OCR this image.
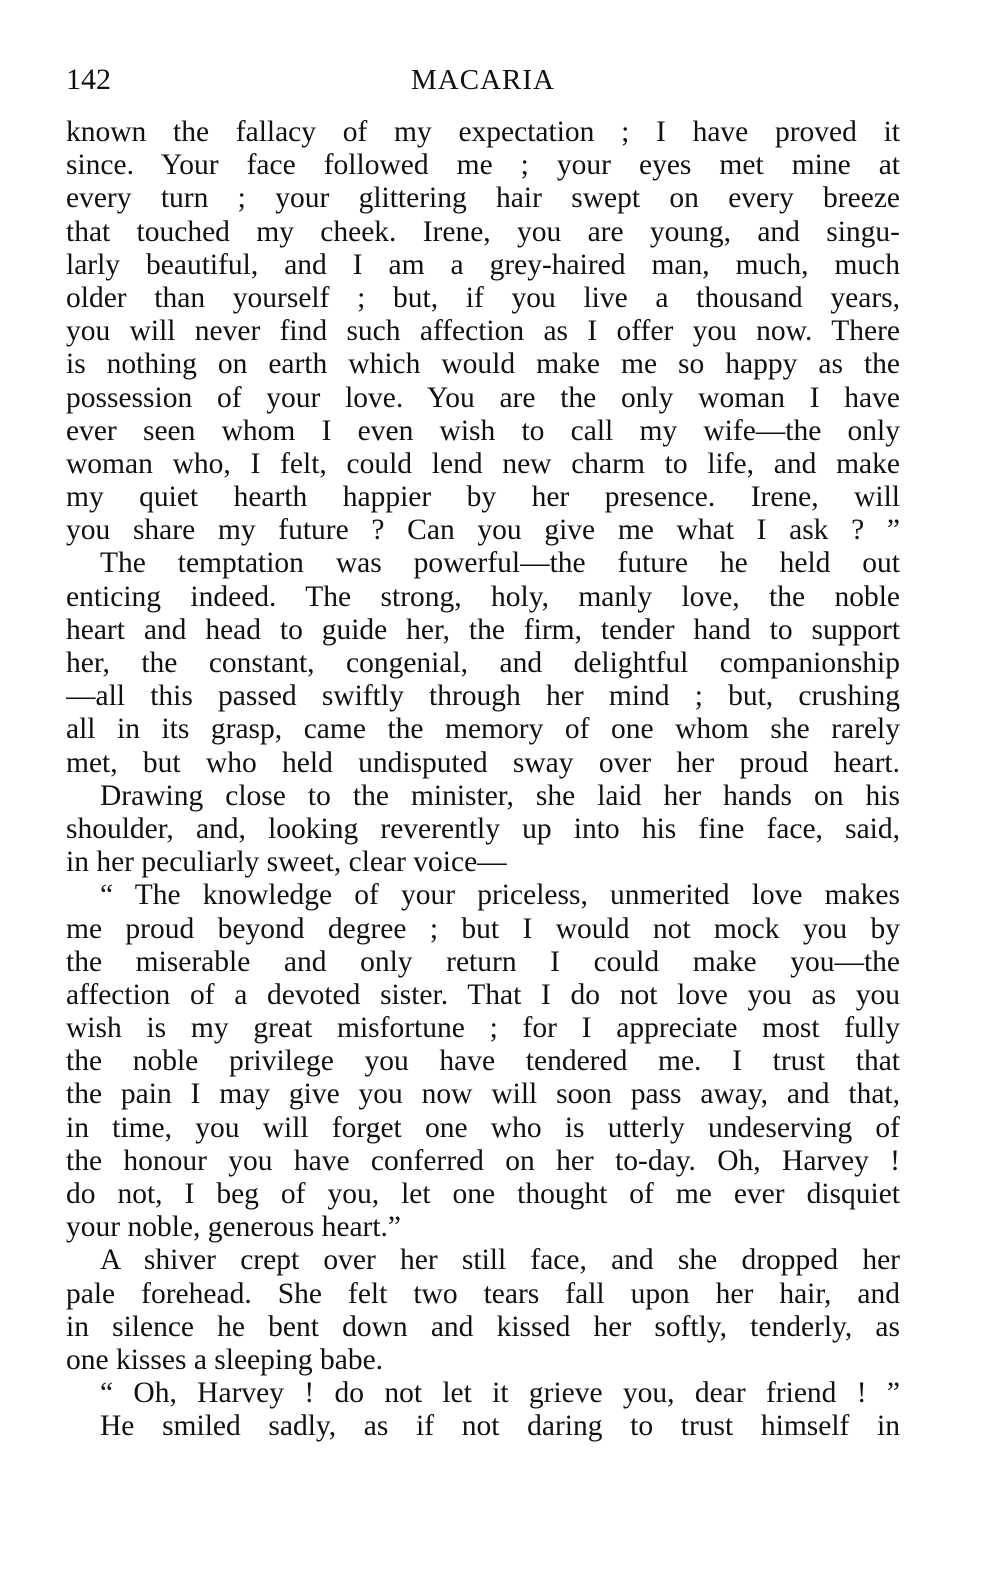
142	MACARIA
known the fallacy of my expectation ; I have proved it
since. Your face followed me ; your eyes met mine at
every turn ; your glittering hair swept on every breeze
that touched my cheek. Irene, you are young, and singu-
larly beautiful, and I am a grey-haired man, much, much
older than yourself ; but, if you live a thousand years,
you will never find such affection as I offer you now. There
is nothing on earth which would make me so happy as the
possession of your love. You are the only woman I have
ever seen whom I even wish to call my wife—the only
woman who, I felt, could lend new charm to life, and make
my quiet hearth happier by her presence. Irene, will
you share my future ? Can you give me what I ask ? ”
The temptation was powerful—the future he held out
enticing indeed. The strong, holy, manly love, the noble
heart and head to guide her, the firm, tender hand to support
her, the constant, congenial, and delightful companionship
—all this passed swiftly through her mind ; but, crushing
all in its grasp, came the memory of one whom she rarely
met, but who held undisputed sway over her proud heart.
Drawing close to the minister, she laid her hands on his
shoulder, and, looking reverently up into his fine face, said,
in her peculiarly sweet, clear voice—
“ The knowledge of your priceless, unmerited love makes
me proud beyond degree ; but I would not mock you by
the miserable and only return I could make you—the
affection of a devoted sister. That I do not love you as you
wish is my great misfortune ; for I appreciate most fully
the noble privilege you have tendered me. I trust that
the pain I may give you now will soon pass away, and that,
in time, you will forget one who is utterly undeserving of
the honour you have conferred on her to-day. Oh, Harvey !
do not, I beg of you, let one thought of me ever disquiet
your noble, generous heart.”
A shiver crept over her still face, and she dropped her
pale forehead. She felt two tears fall upon her hair, and
in silence he bent down and kissed her softly, tenderly, as
one kisses a sleeping babe.
“ Oh, Harvey ! do not let it grieve you, dear friend ! ”
He smiled sadly, as if not daring to trust himself in
